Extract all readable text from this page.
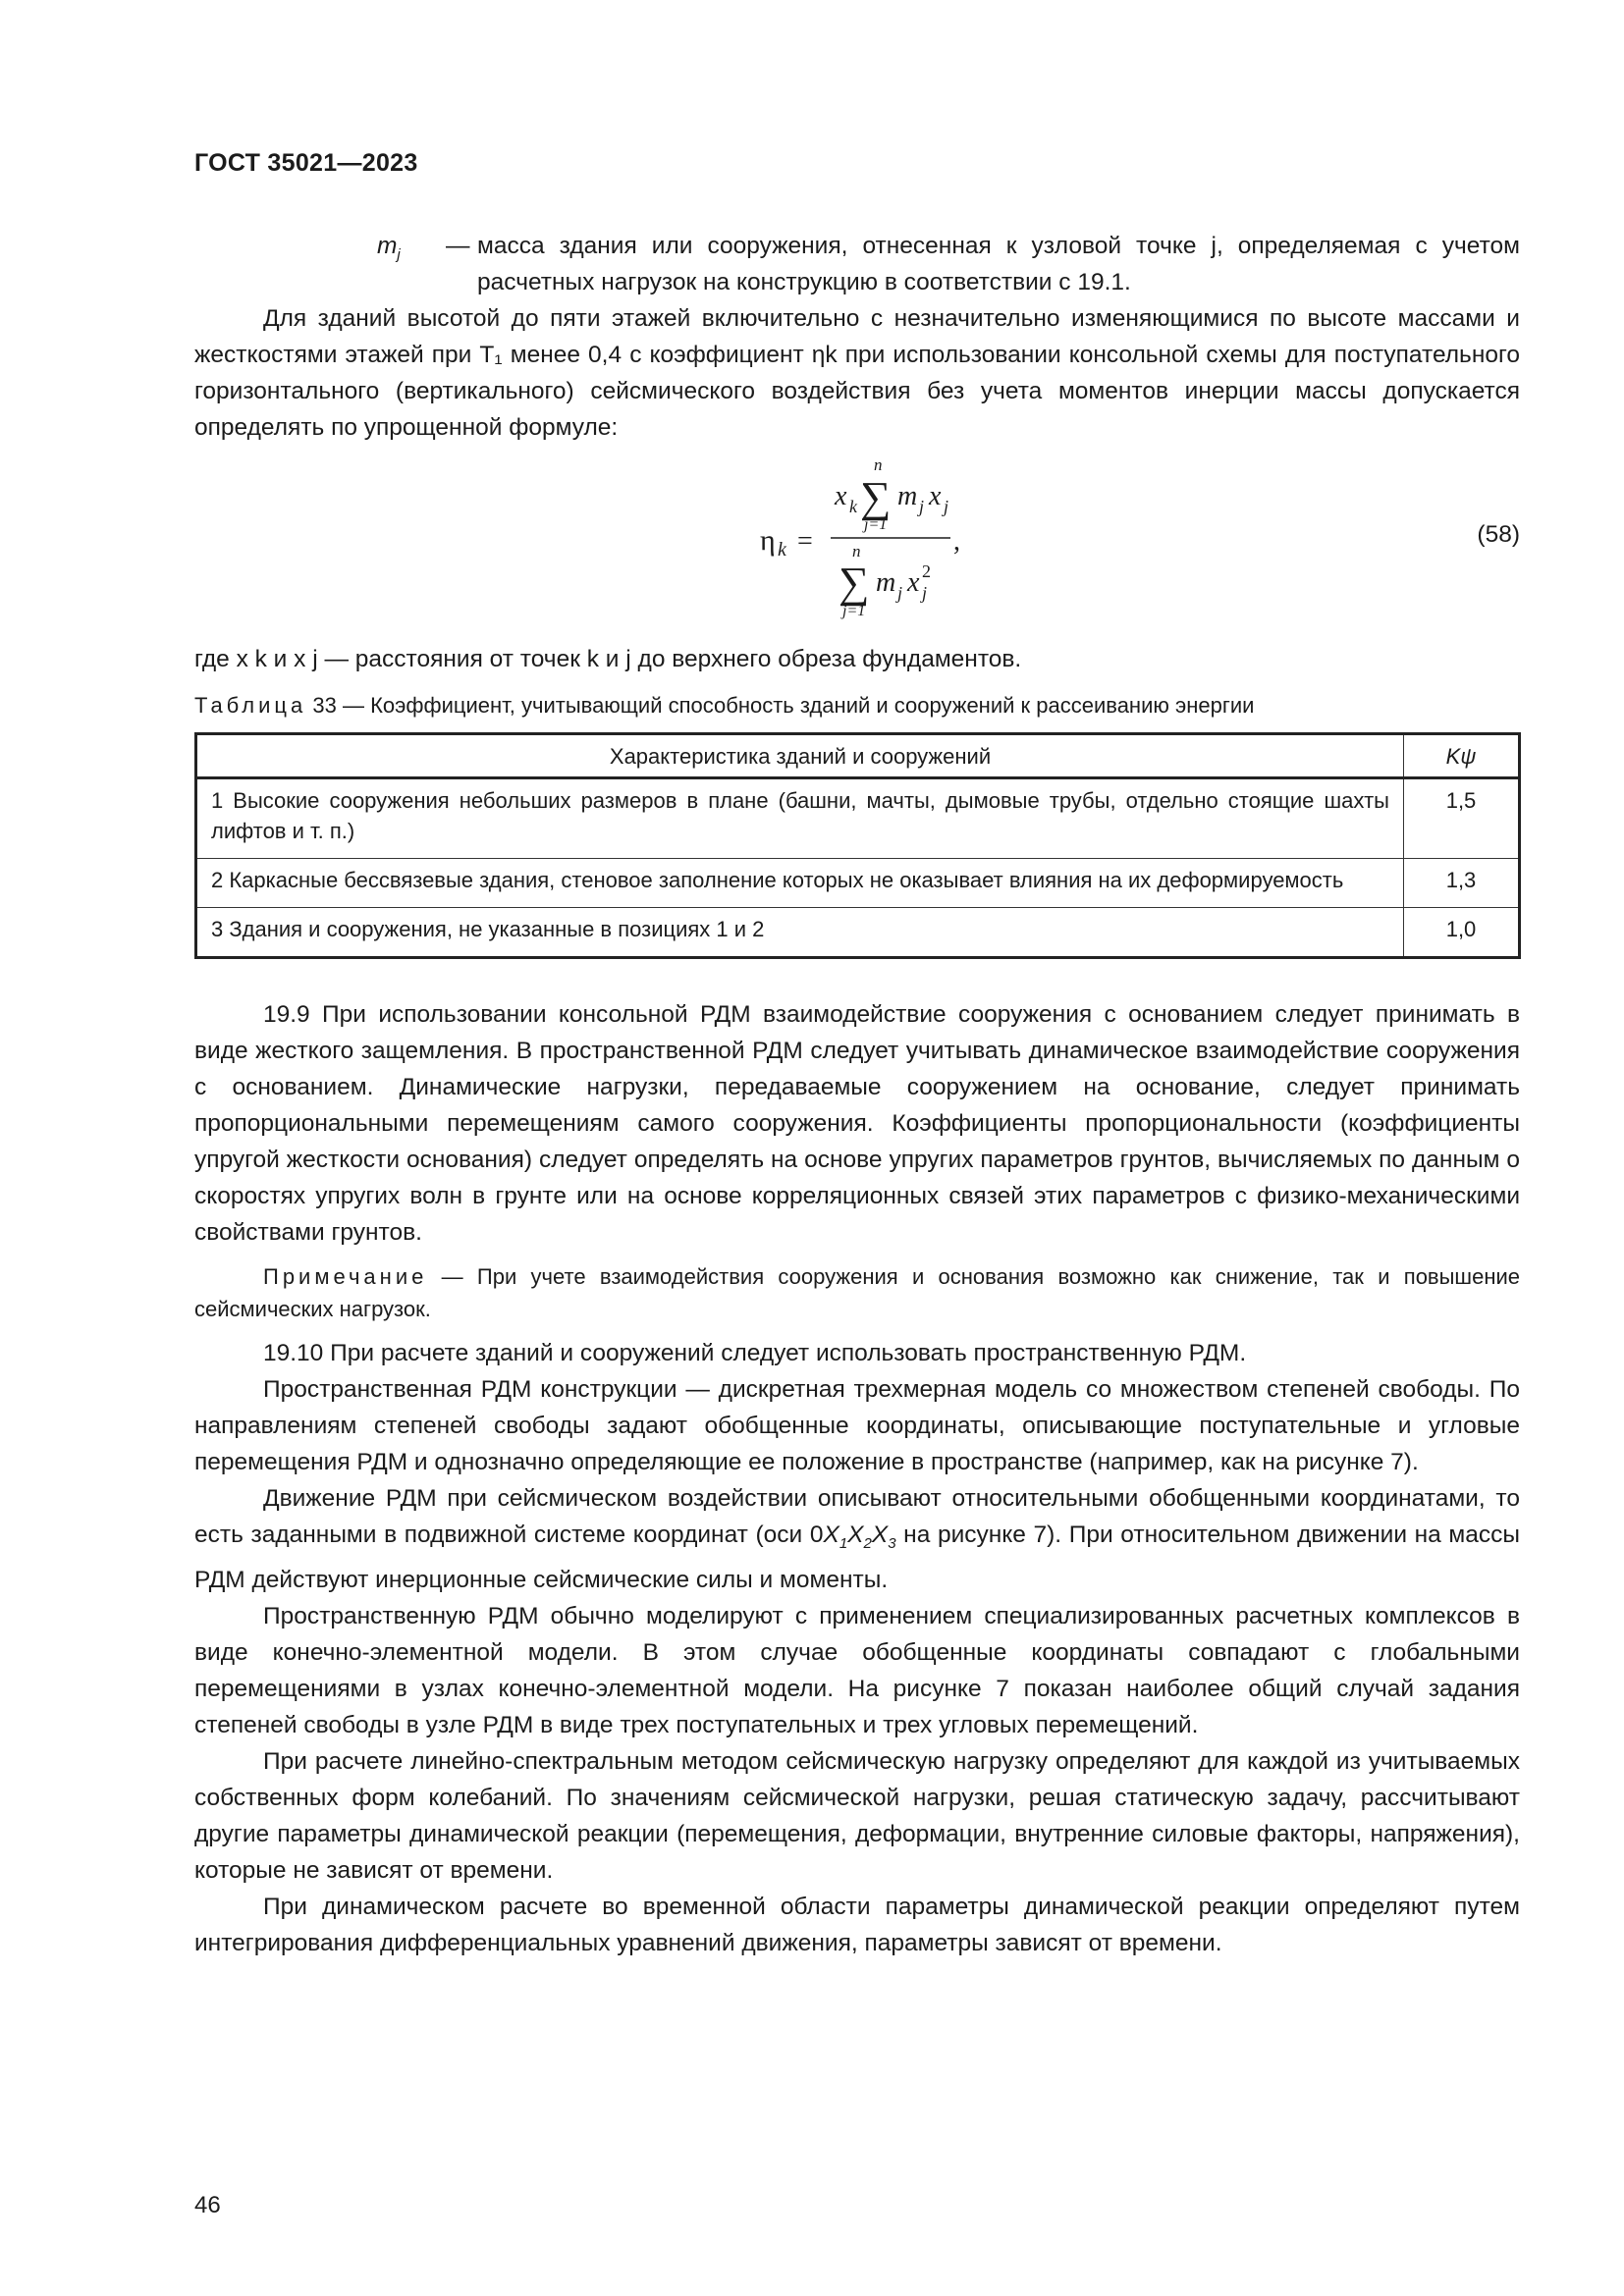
ГОСТ 35021—2023
$m_j$	— масса здания или сооружения, отнесенная к узловой точке j, определяемая с учетом расчетных нагрузок на конструкцию в соответствии с 19.1.

Для зданий высотой до пяти этажей включительно с незначительно изменяющимися по высоте массами и жесткостями этажей при T₁ менее 0,4 с коэффициент ηk при использовании консольной схемы для поступательного горизонтального (вертикального) сейсмического воздействия без учета моментов инерции массы допускается определять по упрощенной формуле:

η k =
x k
n
∑
j=1
m j x j
,
n
∑
j=1
m j x j
2
(58)

где x k и x j — расстояния от точек k и j до верхнего обреза фундаментов.

Таблица 33 — Коэффициент, учитывающий способность зданий и сооружений к рассеиванию энергии
Характеристика зданий и сооружений	Kψ
1 Высокие сооружения небольших размеров в плане (башни, мачты, дымовые трубы, отдельно стоящие шахты лифтов и т. п.)	1,5
2 Каркасные бессвязевые здания, стеновое заполнение которых не оказывает влияния на их деформируемость	1,3
3 Здания и сооружения, не указанные в позициях 1 и 2	1,0

19.9 При использовании консольной РДМ взаимодействие сооружения с основанием следует принимать в виде жесткого защемления. В пространственной РДМ следует учитывать динамическое взаимодействие сооружения с основанием. Динамические нагрузки, передаваемые сооружением на основание, следует принимать пропорциональными перемещениям самого сооружения. Коэффициенты пропорциональности (коэффициенты упругой жесткости основания) следует определять на основе упругих параметров грунтов, вычисляемых по данным о скоростях упругих волн в грунте или на основе корреляционных связей этих параметров с физико-механическими свойствами грунтов.

Примечание — При учете взаимодействия сооружения и основания возможно как снижение, так и повышение сейсмических нагрузок.

19.10 При расчете зданий и сооружений следует использовать пространственную РДМ.

Пространственная РДМ конструкции — дискретная трехмерная модель со множеством степеней свободы. По направлениям степеней свободы задают обобщенные координаты, описывающие поступательные и угловые перемещения РДМ и однозначно определяющие ее положение в пространстве (например, как на рисунке 7).

Движение РДМ при сейсмическом воздействии описывают относительными обобщенными координатами, то есть заданными в подвижной системе координат (оси $0X_1X_2X_3$ на рисунке 7). При относительном движении на массы РДМ действуют инерционные сейсмические силы и моменты.

Пространственную РДМ обычно моделируют с применением специализированных расчетных комплексов в виде конечно-элементной модели. В этом случае обобщенные координаты совпадают с глобальными перемещениями в узлах конечно-элементной модели. На рисунке 7 показан наиболее общий случай задания степеней свободы в узле РДМ в виде трех поступательных и трех угловых перемещений.

При расчете линейно-спектральным методом сейсмическую нагрузку определяют для каждой из учитываемых собственных форм колебаний. По значениям сейсмической нагрузки, решая статическую задачу, рассчитывают другие параметры динамической реакции (перемещения, деформации, внутренние силовые факторы, напряжения), которые не зависят от времени.

При динамическом расчете во временной области параметры динамической реакции определяют путем интегрирования дифференциальных уравнений движения, параметры зависят от времени.

46
